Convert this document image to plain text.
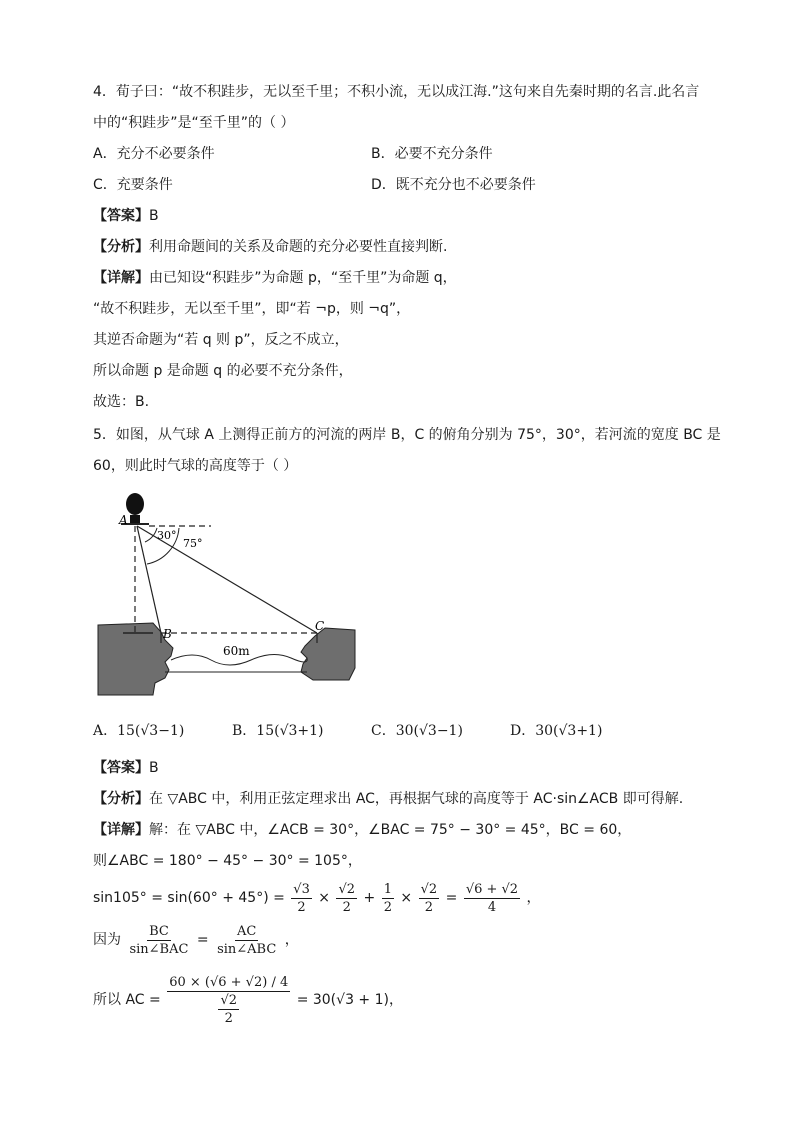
4．荀子曰：“故不积跬步，无以至千里；不积小流，无以成江海.”这句来自先秦时期的名言.此名言
中的“积跬步”是“至千里”的（ ）
A．充分不必要条件	B．必要不充分条件
C．充要条件	D．既不充分也不必要条件
【答案】B
【分析】利用命题间的关系及命题的充分必要性直接判断.
【详解】由已知设“积跬步”为命题 p，“至千里”为命题 q，
“故不积跬步，无以至千里”，即“若 ¬p，则 ¬q”，
其逆否命题为“若 q 则 p”，反之不成立，
所以命题 p 是命题 q 的必要不充分条件，
故选：B.
5．如图，从气球 A 上测得正前方的河流的两岸 B，C 的俯角分别为 75°，30°，若河流的宽度 BC 是
60，则此时气球的高度等于（ ）
A
B
C
30°
75°
60m
A．15(√3−1)	B．15(√3+1)	C．30(√3−1)	D．30(√3+1)
【答案】B
【分析】在 ▽ABC 中，利用正弦定理求出 AC，再根据气球的高度等于 AC·sin∠ACB 即可得解.
【详解】解：在 ▽ABC 中，∠ACB = 30°，∠BAC = 75° − 30° = 45°，BC = 60，
则∠ABC = 180° − 45° − 30° = 105°，
$\sin 105^\circ = \sin(60^\circ + 45^\circ) = \frac{√3}{2} \times \frac{√2}{2} + \frac{1}{2} \times \frac{√2}{2} = \frac{√6 + √2}{4}$ ，
因为 $\frac{BC}{\text{sin∠BAC}} = \frac{AC}{\text{sin∠ABC}}$ ，
所以 AC = $\frac{60 \times (√6 + √2) / 4}{\frac{√2}{2}} = 30(√3 + 1)$，
